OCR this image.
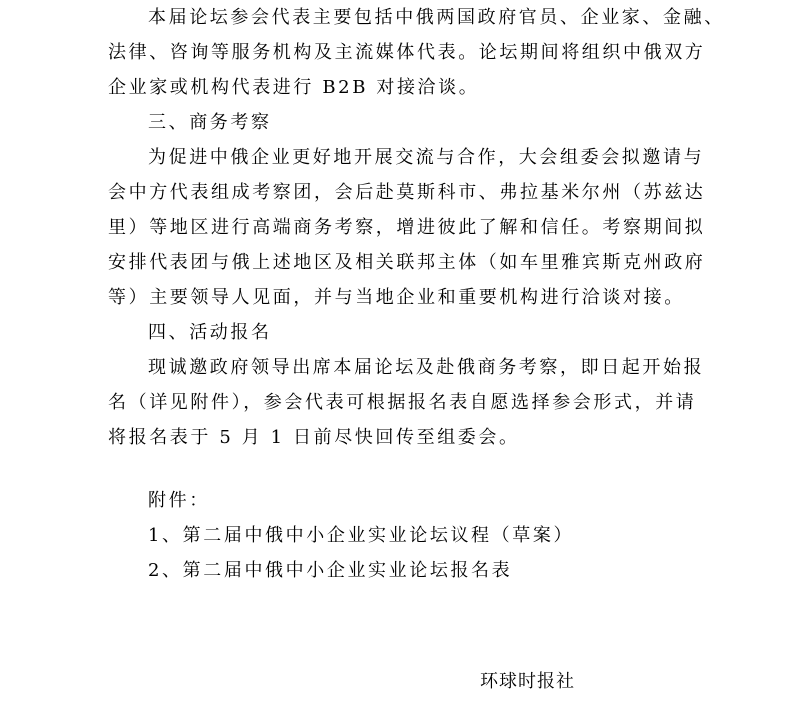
本届论坛参会代表主要包括中俄两国政府官员、企业家、金融、
法律、咨询等服务机构及主流媒体代表。论坛期间将组织中俄双方
企业家或机构代表进行 B2B 对接洽谈。
三、商务考察
为促进中俄企业更好地开展交流与合作，大会组委会拟邀请与
会中方代表组成考察团，会后赴莫斯科市、弗拉基米尔州（苏兹达
里）等地区进行高端商务考察，增进彼此了解和信任。考察期间拟
安排代表团与俄上述地区及相关联邦主体（如车里雅宾斯克州政府
等）主要领导人见面，并与当地企业和重要机构进行洽谈对接。
四、活动报名
现诚邀政府领导出席本届论坛及赴俄商务考察，即日起开始报
名（详见附件），参会代表可根据报名表自愿选择参会形式，并请
将报名表于 5 月 1 日前尽快回传至组委会。
附件：
1、第二届中俄中小企业实业论坛议程（草案）
2、第二届中俄中小企业实业论坛报名表
环球时报社
